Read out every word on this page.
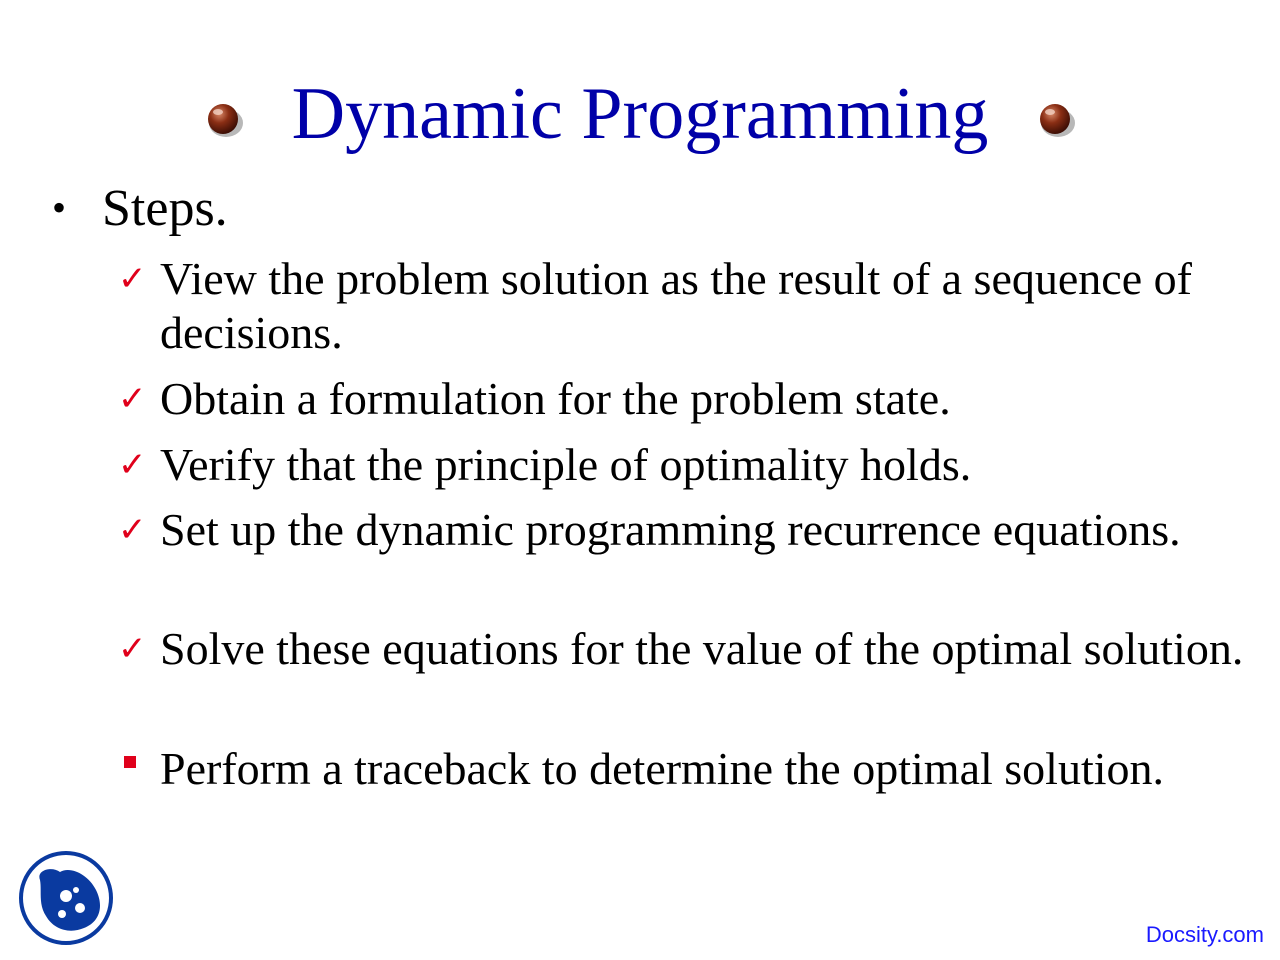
Dynamic Programming
• Steps.
✓ View the problem solution as the result of a sequence of decisions.
✓ Obtain a formulation for the problem state.
✓ Verify that the principle of optimality holds.
✓ Set up the dynamic programming recurrence equations.
✓ Solve these equations for the value of the optimal solution.
Perform a traceback to determine the optimal solution.
Docsity.com
